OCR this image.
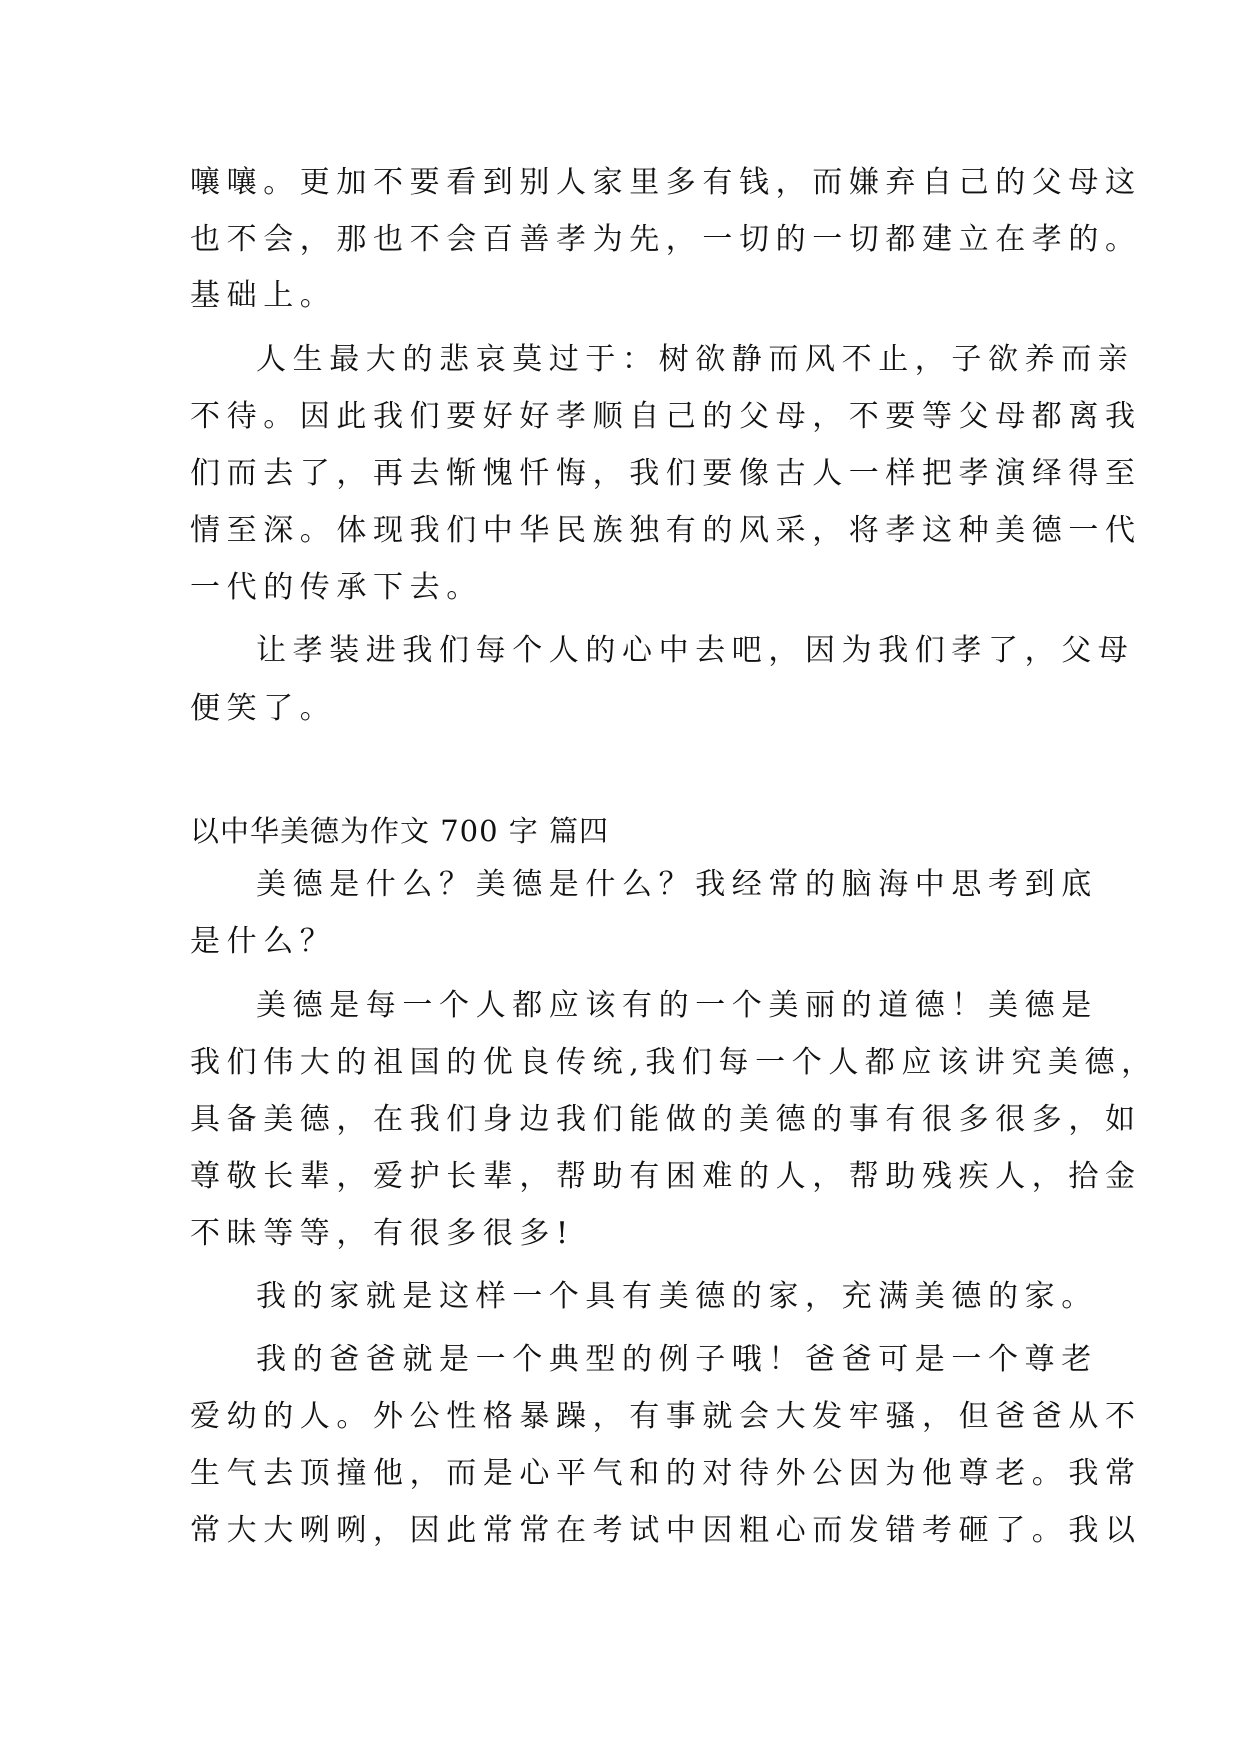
嚷嚷。更加不要看到别人家里多有钱，而嫌弃自己的父母这
也不会，那也不会百善孝为先，一切的一切都建立在孝的。
基础上。
人生最大的悲哀莫过于：树欲静而风不止，子欲养而亲
不待。因此我们要好好孝顺自己的父母，不要等父母都离我
们而去了，再去惭愧忏悔，我们要像古人一样把孝演绎得至
情至深。体现我们中华民族独有的风采，将孝这种美德一代
一代的传承下去。
让孝装进我们每个人的心中去吧，因为我们孝了，父母
便笑了。
以中华美德为作文 700 字 篇四
美德是什么？美德是什么？我经常的脑海中思考到底
是什么？
美德是每一个人都应该有的一个美丽的道德！美德是
我们伟大的祖国的优良传统,我们每一个人都应该讲究美德，
具备美德，在我们身边我们能做的美德的事有很多很多，如
尊敬长辈，爱护长辈，帮助有困难的人，帮助残疾人，拾金
不昧等等，有很多很多!
我的家就是这样一个具有美德的家，充满美德的家。
我的爸爸就是一个典型的例子哦！爸爸可是一个尊老
爱幼的人。外公性格暴躁，有事就会大发牢骚，但爸爸从不
生气去顶撞他，而是心平气和的对待外公因为他尊老。我常
常大大咧咧，因此常常在考试中因粗心而发错考砸了。我以
